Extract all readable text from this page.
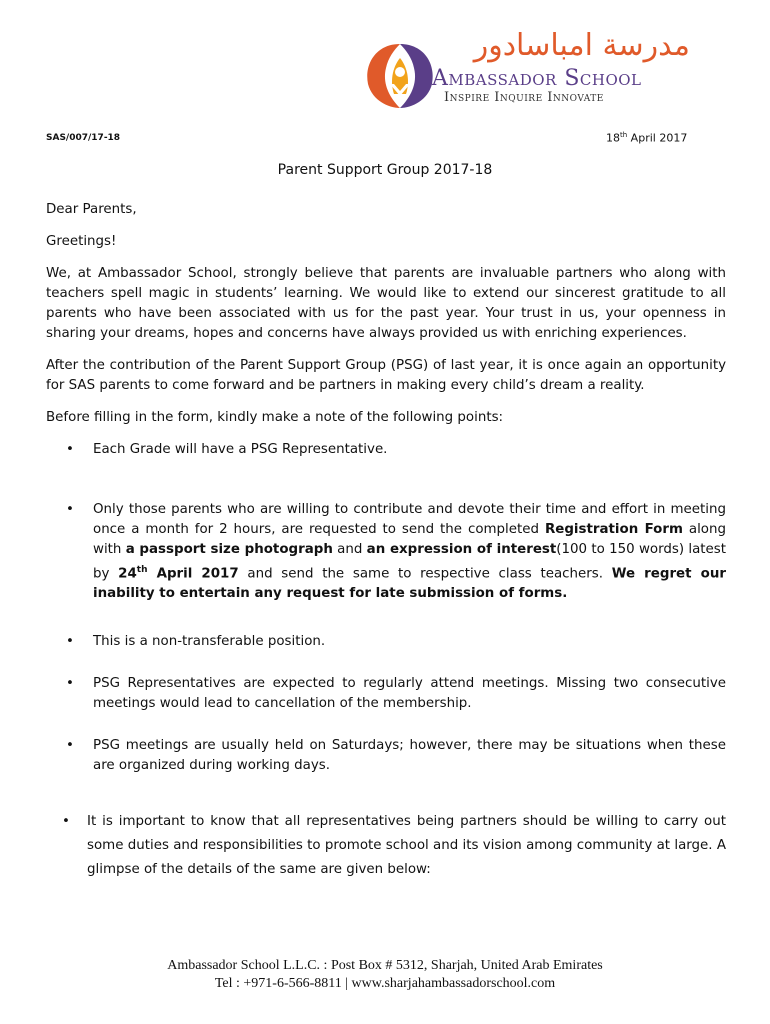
مدرسة امباسادور
Ambassador School
Inspire Inquire Innovate
SAS/007/17-18	18th April 2017
Parent Support Group 2017-18

Dear Parents,

Greetings!

We, at Ambassador School, strongly believe that parents are invaluable partners who along with teachers spell magic in students’ learning. We would like to extend our sincerest gratitude to all parents who have been associated with us for the past year. Your trust in us, your openness in sharing your dreams, hopes and concerns have always provided us with enriching experiences.

After the contribution of the Parent Support Group (PSG) of last year, it is once again an opportunity for SAS parents to come forward and be partners in making every child’s dream a reality.

Before filling in the form, kindly make a note of the following points:

• Each Grade will have a PSG Representative.
• Only those parents who are willing to contribute and devote their time and effort in meeting once a month for 2 hours, are requested to send the completed Registration Form along with a passport size photograph and an expression of interest(100 to 150 words) latest by 24th April 2017 and send the same to respective class teachers. We regret our inability to entertain any request for late submission of forms.
• This is a non-transferable position.
• PSG Representatives are expected to regularly attend meetings. Missing two consecutive meetings would lead to cancellation of the membership.
• PSG meetings are usually held on Saturdays; however, there may be situations when these are organized during working days.
• It is important to know that all representatives being partners should be willing to carry out some duties and responsibilities to promote school and its vision among community at large. A glimpse of the details of the same are given below:
Ambassador School L.L.C. : Post Box # 5312, Sharjah, United Arab Emirates
Tel : +971-6-566-8811 | www.sharjahambassadorschool.com
